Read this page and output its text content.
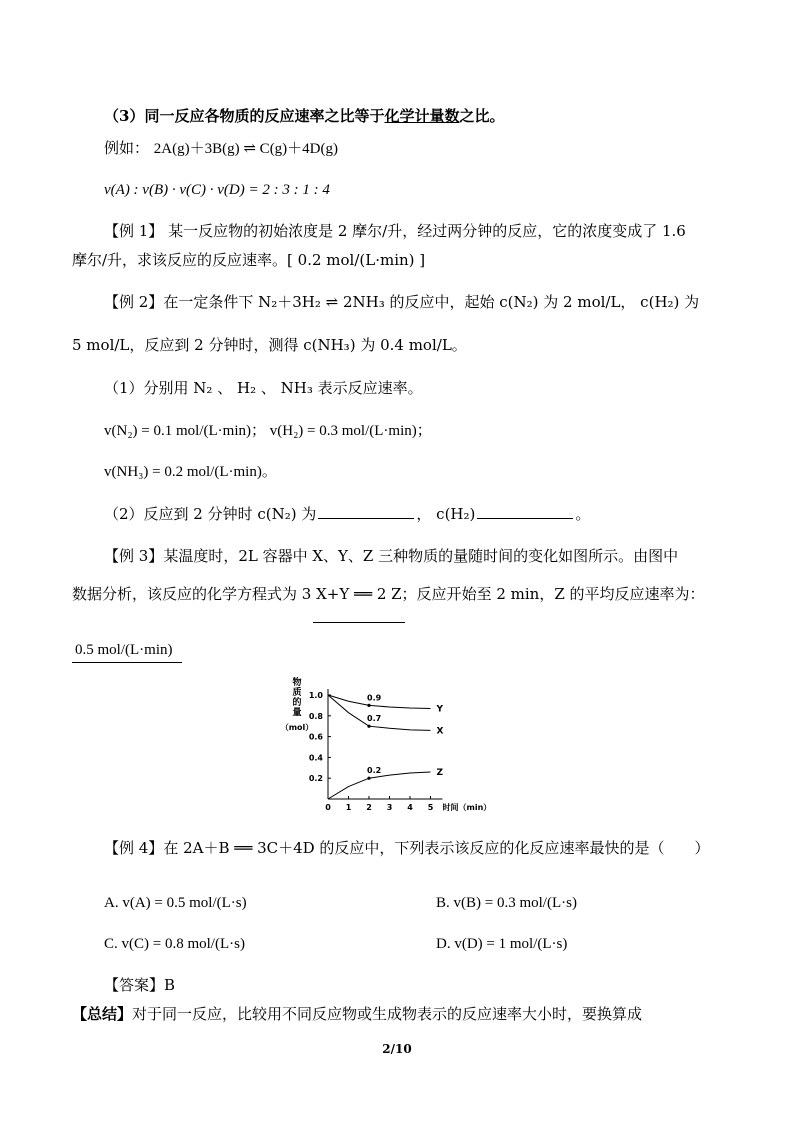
（3）同一反应各物质的反应速率之比等于化学计量数之比。
例如： 2A(g)＋3B(g) ⇌ C(g)＋4D(g)
v(A) : v(B) · v(C) · v(D) = 2 : 3 : 1 : 4
【例 1】 某一反应物的初始浓度是 2 摩尔/升，经过两分钟的反应，它的浓度变成了 1.6
摩尔/升，求该反应的反应速率。[ 0.2 mol/(L·min) ]
【例 2】在一定条件下 N₂＋3H₂ ⇌ 2NH₃ 的反应中，起始 c(N₂) 为 2 mol/L， c(H₂) 为
5 mol/L，反应到 2 分钟时，测得 c(NH₃) 为 0.4 mol/L。
（1）分别用 N₂ 、 H₂ 、 NH₃ 表示反应速率。
v(N₂) = 0.1 mol/(L·min)； v(H₂) = 0.3 mol/(L·min)；
v(NH₃) = 0.2 mol/(L·min)。
（2）反应到 2 分钟时 c(N₂) 为	， c(H₂)	。
【例 3】某温度时，2L 容器中 X、Y、Z 三种物质的量随时间的变化如图所示。由图中
数据分析，该反应的化学方程式为 3 X+Y ══ 2 Z；反应开始至 2 min，Z 的平均反应速率为：
0.5 mol/(L·min)
物
质
的
量
（mol）
0.2
0.4
0.6
0.8
1.0
0 1 2 3 4 5 时间（min）
Y
0.9
X
0.7
Z
0.2
【例 4】在 2A＋B ══ 3C＋4D 的反应中，下列表示该反应的化反应速率最快的是（　　）
A. v(A) = 0.5 mol/(L·s)	B. v(B) = 0.3 mol/(L·s)
C. v(C) = 0.8 mol/(L·s)	D. v(D) = 1 mol/(L·s)
【答案】B
【总结】对于同一反应，比较用不同反应物或生成物表示的反应速率大小时，要换算成
2/10
